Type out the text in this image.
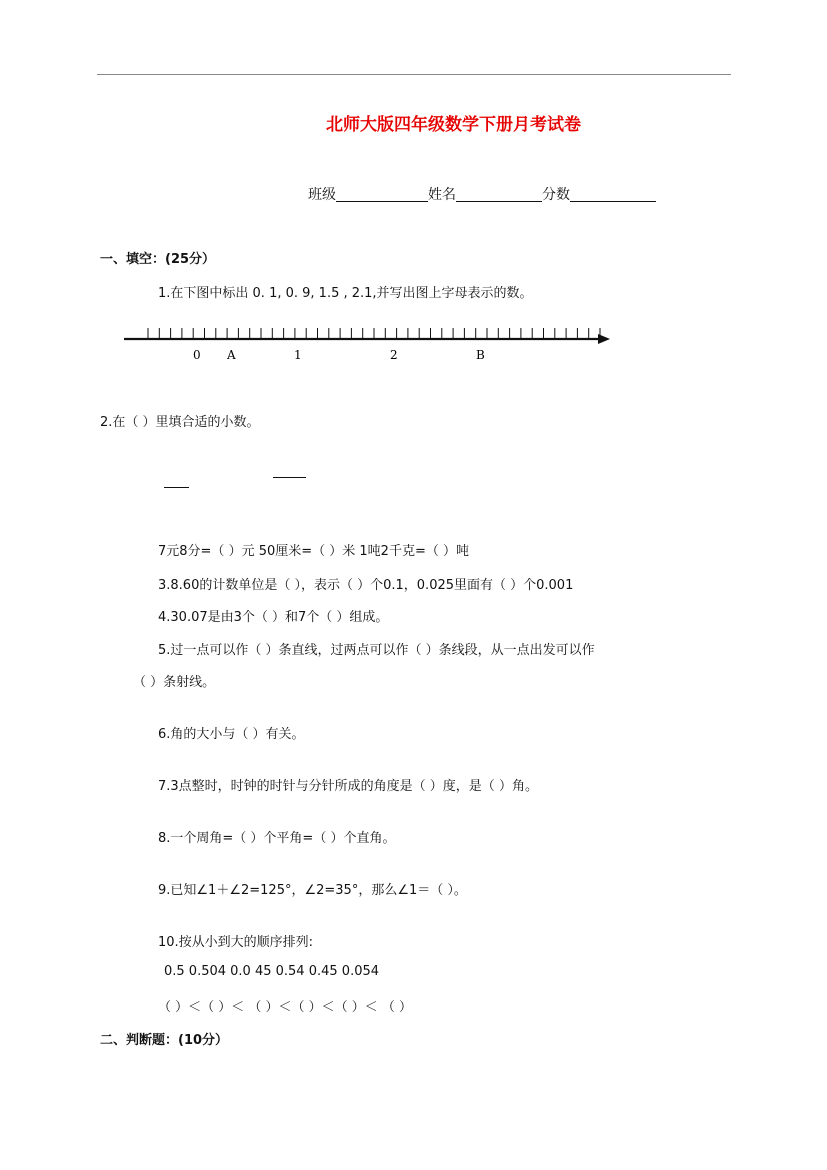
北师大版四年级数学下册月考试卷
班级	姓名	分数
一、填空：(25分）
1.在下图中标出 0. 1, 0. 9, 1.5 , 2.1,并写出图上字母表示的数。
0 A	1	2	B
2.在（ ）里填合适的小数。
7元8分=（ ）元 50厘米=（ ）米 1吨2千克=（ ）吨
3.8.60的计数单位是（ ），表示（ ）个0.1，0.025里面有（ ）个0.001
4.30.07是由3个（ ）和7个（ ）组成。
5.过一点可以作（ ）条直线，过两点可以作（ ）条线段，从一点出发可以作
（ ）条射线。
6.角的大小与（ ）有关。
7.3点整时，时钟的时针与分针所成的角度是（ ）度，是（ ）角。
8.一个周角=（ ）个平角=（ ）个直角。
9.已知∠1＋∠2=125°，∠2=35°，那么∠1＝（ ）。
10.按从小到大的顺序排列:
0.5 0.504 0.0 45 0.54 0.45 0.054
（ ）＜（ ）＜ （ ）＜（ ）＜（ ）＜ （ ）
二、判断题：(10分）
